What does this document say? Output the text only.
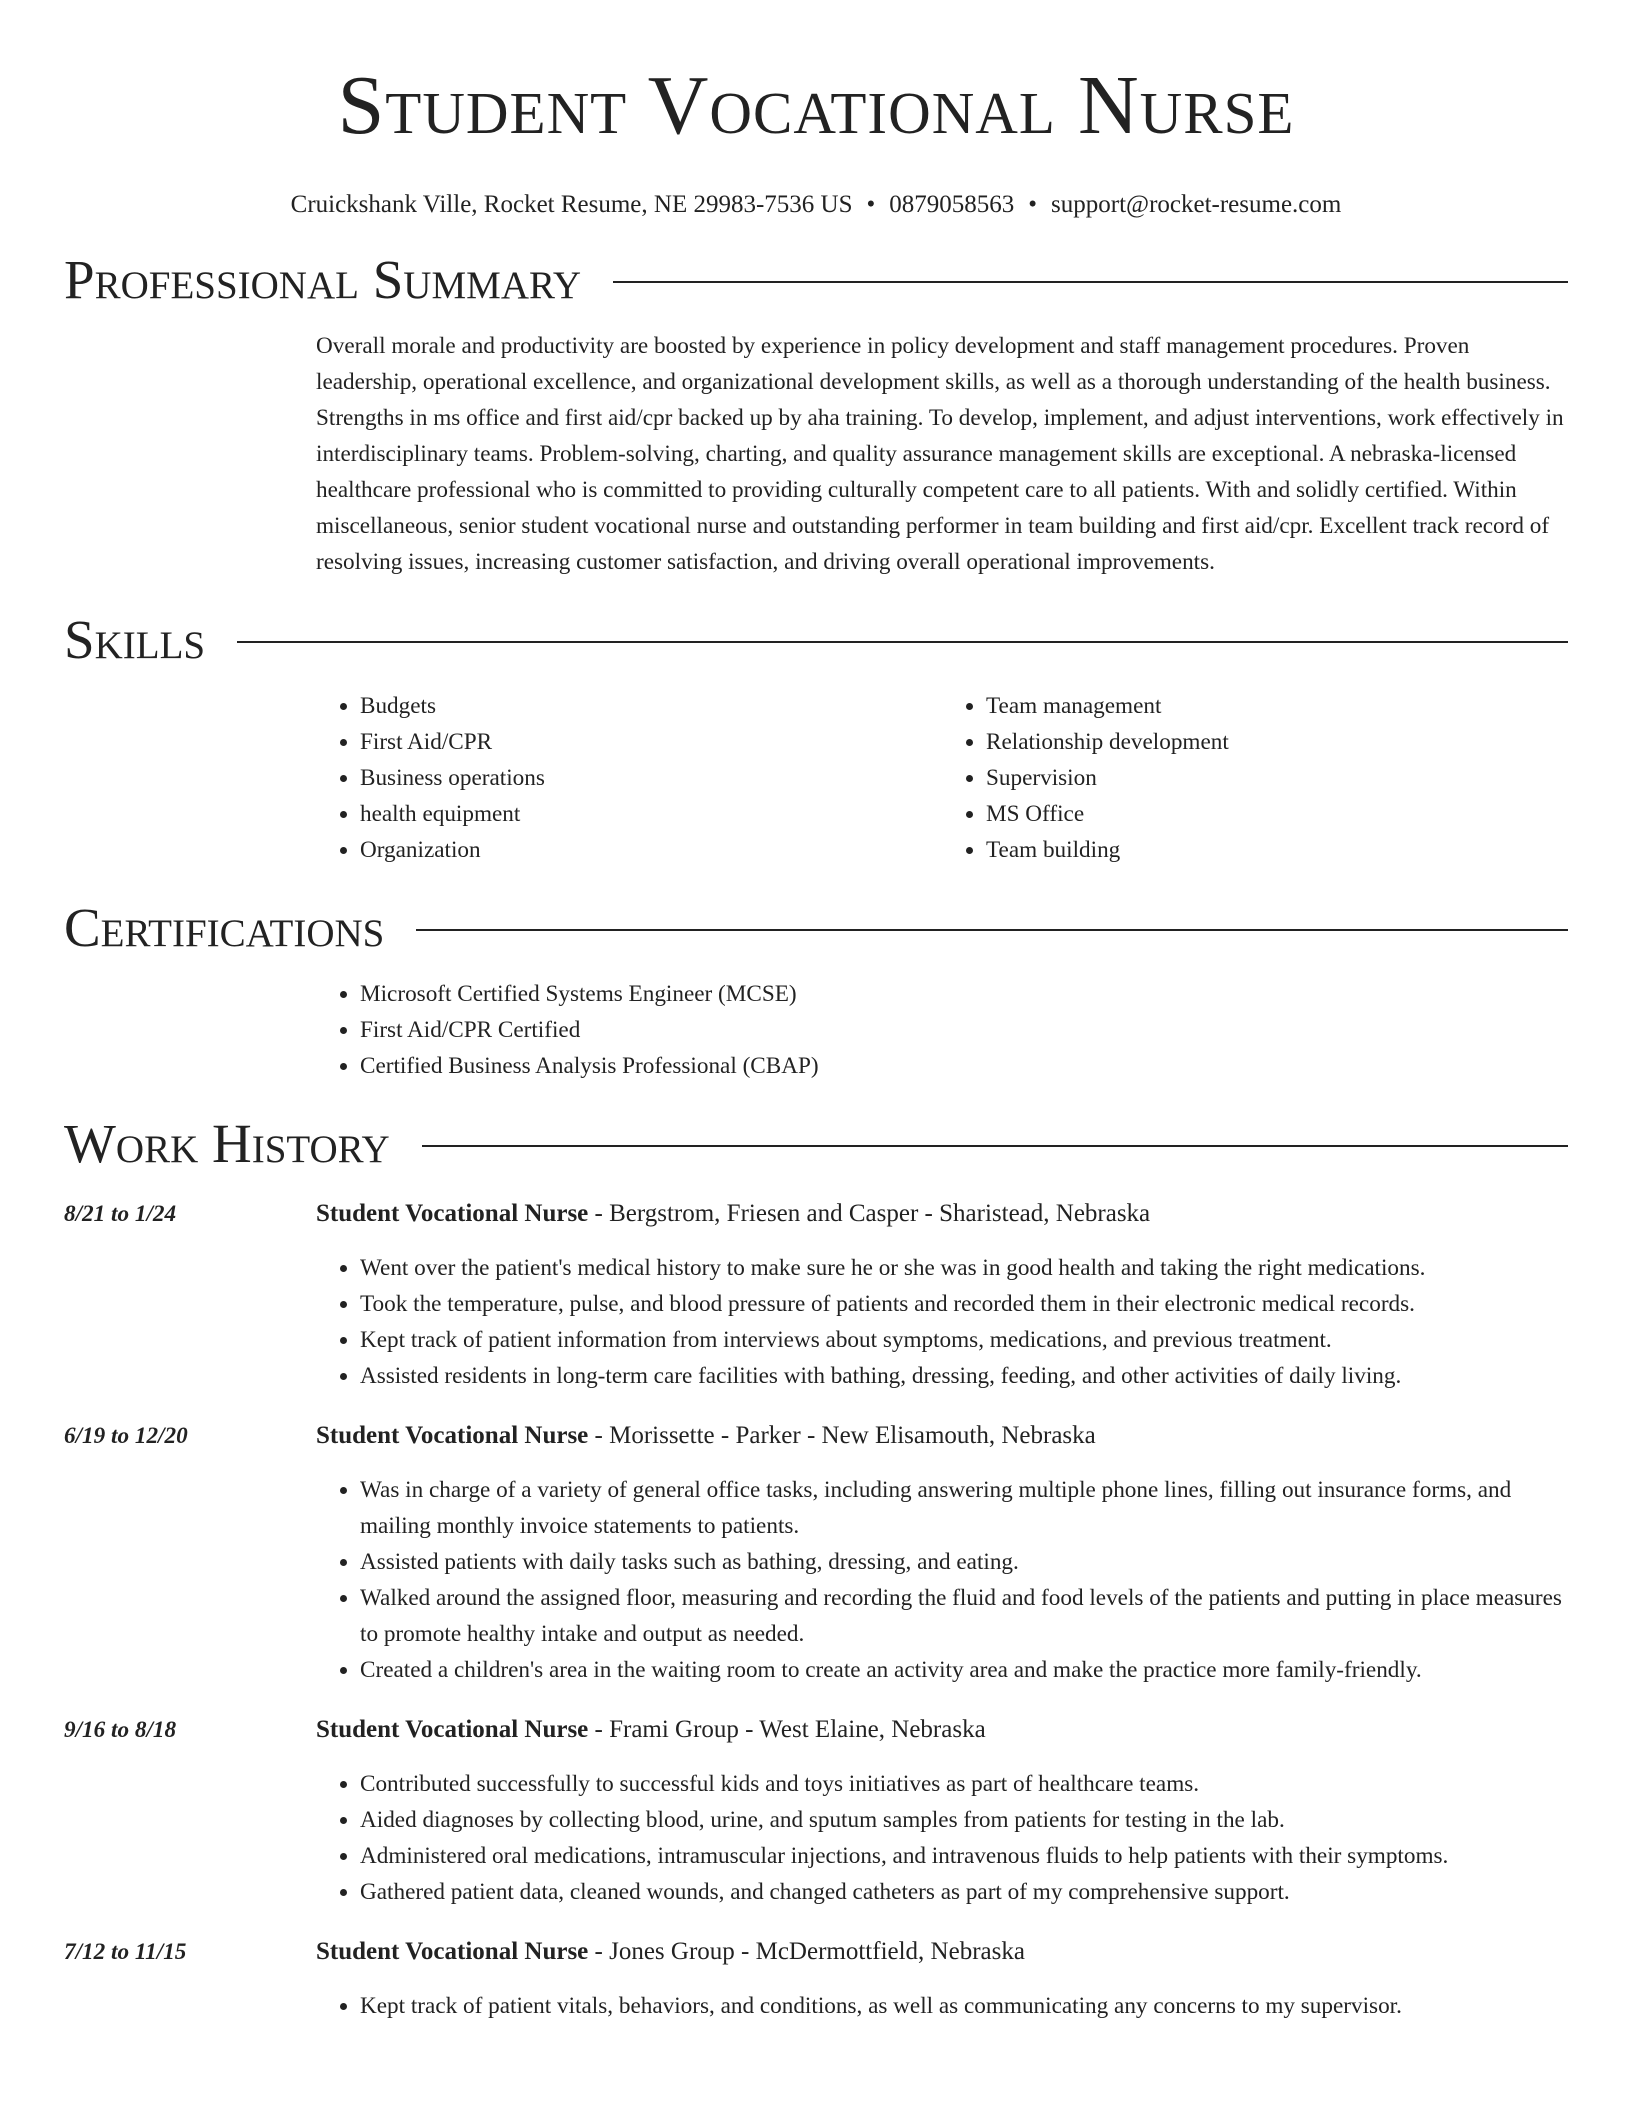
Student Vocational Nurse
Cruickshank Ville, Rocket Resume, NE 29983-7536 US • 0879058563 • support@rocket-resume.com
Professional Summary
Overall morale and productivity are boosted by experience in policy development and staff management procedures. Proven leadership, operational excellence, and organizational development skills, as well as a thorough understanding of the health business. Strengths in ms office and first aid/cpr backed up by aha training. To develop, implement, and adjust interventions, work effectively in interdisciplinary teams. Problem-solving, charting, and quality assurance management skills are exceptional. A nebraska-licensed healthcare professional who is committed to providing culturally competent care to all patients. With and solidly certified. Within miscellaneous, senior student vocational nurse and outstanding performer in team building and first aid/cpr. Excellent track record of resolving issues, increasing customer satisfaction, and driving overall operational improvements.
Skills
• Budgets
• First Aid/CPR
• Business operations
• health equipment
• Organization
• Team management
• Relationship development
• Supervision
• MS Office
• Team building
Certifications
• Microsoft Certified Systems Engineer (MCSE)
• First Aid/CPR Certified
• Certified Business Analysis Professional (CBAP)
Work History
8/21 to 1/24	Student Vocational Nurse - Bergstrom, Friesen and Casper - Sharistead, Nebraska
• Went over the patient's medical history to make sure he or she was in good health and taking the right medications.
• Took the temperature, pulse, and blood pressure of patients and recorded them in their electronic medical records.
• Kept track of patient information from interviews about symptoms, medications, and previous treatment.
• Assisted residents in long-term care facilities with bathing, dressing, feeding, and other activities of daily living.
6/19 to 12/20	Student Vocational Nurse - Morissette - Parker - New Elisamouth, Nebraska
• Was in charge of a variety of general office tasks, including answering multiple phone lines, filling out insurance forms, and mailing monthly invoice statements to patients.
• Assisted patients with daily tasks such as bathing, dressing, and eating.
• Walked around the assigned floor, measuring and recording the fluid and food levels of the patients and putting in place measures to promote healthy intake and output as needed.
• Created a children's area in the waiting room to create an activity area and make the practice more family-friendly.
9/16 to 8/18	Student Vocational Nurse - Frami Group - West Elaine, Nebraska
• Contributed successfully to successful kids and toys initiatives as part of healthcare teams.
• Aided diagnoses by collecting blood, urine, and sputum samples from patients for testing in the lab.
• Administered oral medications, intramuscular injections, and intravenous fluids to help patients with their symptoms.
• Gathered patient data, cleaned wounds, and changed catheters as part of my comprehensive support.
7/12 to 11/15	Student Vocational Nurse - Jones Group - McDermottfield, Nebraska
• Kept track of patient vitals, behaviors, and conditions, as well as communicating any concerns to my supervisor.
